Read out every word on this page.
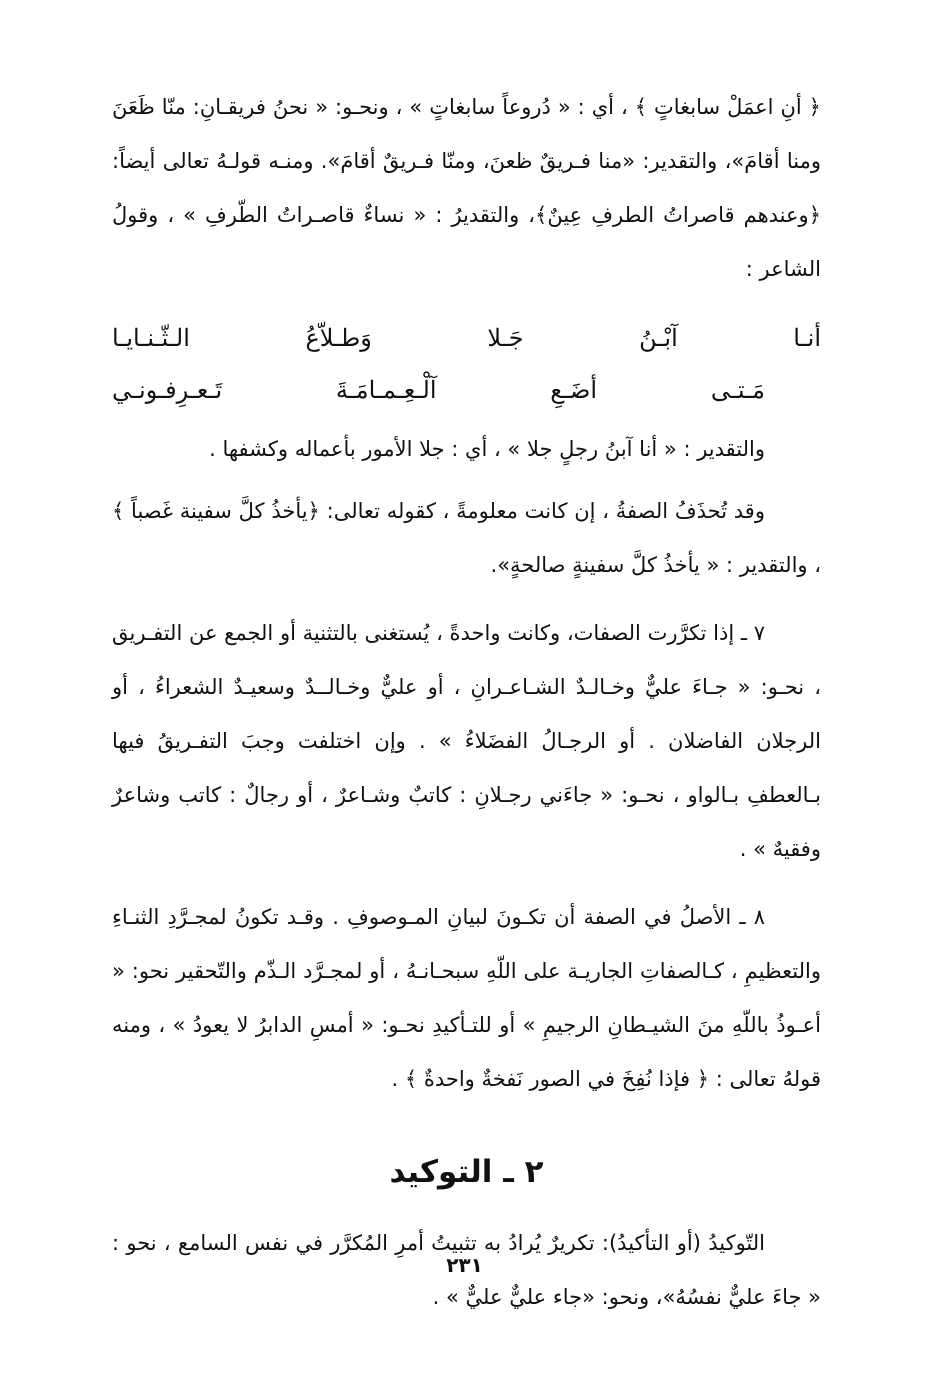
﴿ أنِ اعمَلْ سابغاتٍ ﴾ ، أي : « دُروعاً سابغاتٍ » ، ونحـو: « نحنُ فريقـانِ: منّا ظَعَنَ ومنا أقامَ»، والتقدير: «منا فـريقٌ ظعنَ، ومنّا فـريقٌ أقامَ». ومنـه قولـهُ تعالى أيضاً: ﴿وعندهم قاصراتُ الطرفِ عِينٌ﴾، والتقديرُ : « نساءٌ قاصـراتُ الطّرفِ » ، وقولُ الشاعر :

أنـا آبْـنُ جَـلا وَطـلاّعُ الـثّـنـايـا

مَـتـى أضَـعِ آلْـعِـمـامَـةَ تَـعـرِفـونـي

والتقدير : « أنا آبنُ رجلٍ جلا » ، أي : جلا الأمور بأعماله وكشفها .

وقد تُحذَفُ الصفةُ ، إن كانت معلومةً ، كقوله تعالى: ﴿يأخذُ كلَّ سفينة غَصباً ﴾ ، والتقدير : « يأخذُ كلَّ سفينةٍ صالحةٍ».

٧ ـ إذا تكرَّرت الصفات، وكانت واحدةً ، يُستغنى بالتثنية أو الجمع عن التفـريق ، نحـو: « جـاءَ عليٌّ وخـالـدٌ الشـاعـرانِ ، أو عليٌّ وخـالــدٌ وسعيـدٌ الشعراءُ ، أو الرجلان الفاضلان . أو الرجـالُ الفضَلاءُ » . وإن اختلفت وجبَ التفـريقُ فيها بـالعطفِ بـالواو ، نحـو: « جاءَني رجـلانِ : كاتبٌ وشـاعرٌ ، أو رجالٌ : كاتب وشاعرٌ وفقيهٌ » .

٨ ـ الأصلُ في الصفة أن تكـونَ لبيانِ المـوصوفِ . وقـد تكونُ لمجـرَّدِ الثنـاءِ والتعظيمِ ، كـالصفاتِ الجاريـة على اللّهِ سبحـانـهُ ، أو لمجـرَّد الـذّم والتّحقير نحو: « أعـوذُ باللّهِ منَ الشيـطانِ الرجيمِ » أو للتـأكيدِ نحـو: « أمسِ الدابرُ لا يعودُ » ، ومنه قولهُ تعالى : ﴿ فإذا نُفِخَ في الصور نَفخةٌ واحدةٌ ﴾ .

٢ ـ التوكيد

التّوكيدُ (أو التأكيدُ): تكريرٌ يُرادُ به تثبيتُ أمرِ المُكرَّر في نفس السامع ، نحو : « جاءَ عليٌّ نفسُهُ»، ونحو: «جاء عليٌّ عليٌّ » .

٢٣١
